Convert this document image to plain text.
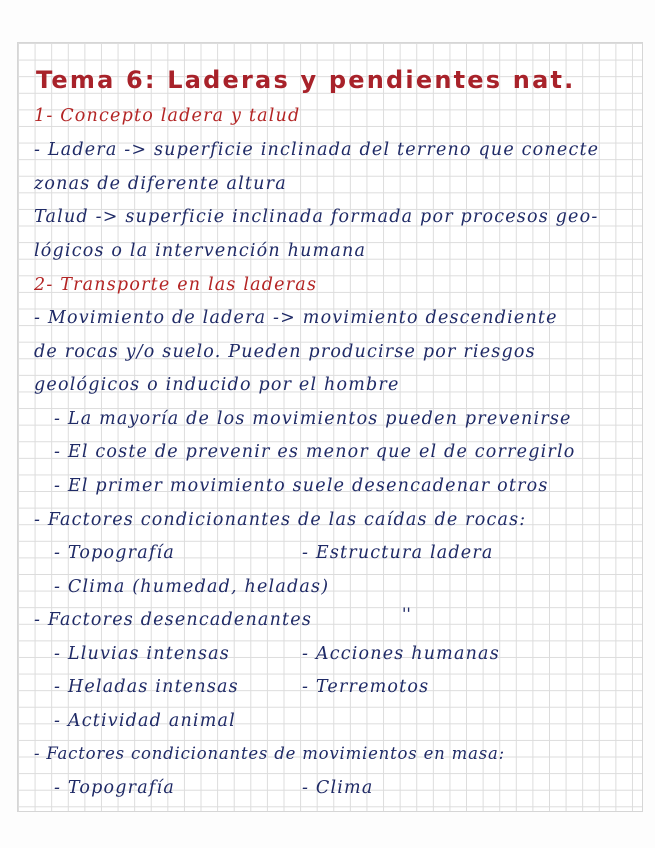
Tema 6: Laderas y pendientes nat.
1- Concepto ladera y talud
- Ladera -> superficie inclinada del terreno que conecte
zonas de diferente altura
Talud -> superficie inclinada formada por procesos geo-
lógicos o la intervención humana
2- Transporte en las laderas
- Movimiento de ladera -> movimiento descendiente
de rocas y/o suelo. Pueden producirse por riesgos
geológicos o inducido por el hombre
- La mayoría de los movimientos pueden prevenirse
- El coste de prevenir es menor que el de corregirlo
- El primer movimiento suele desencadenar otros
- Factores condicionantes de las caídas de rocas:
- Topografía	- Estructura ladera
- Clima (humedad, heladas)
- Factores desencadenantes	''
- Lluvias intensas	- Acciones humanas
- Heladas intensas	- Terremotos
- Actividad animal
- Factores condicionantes de movimientos en masa:
- Topografía	- Clima
